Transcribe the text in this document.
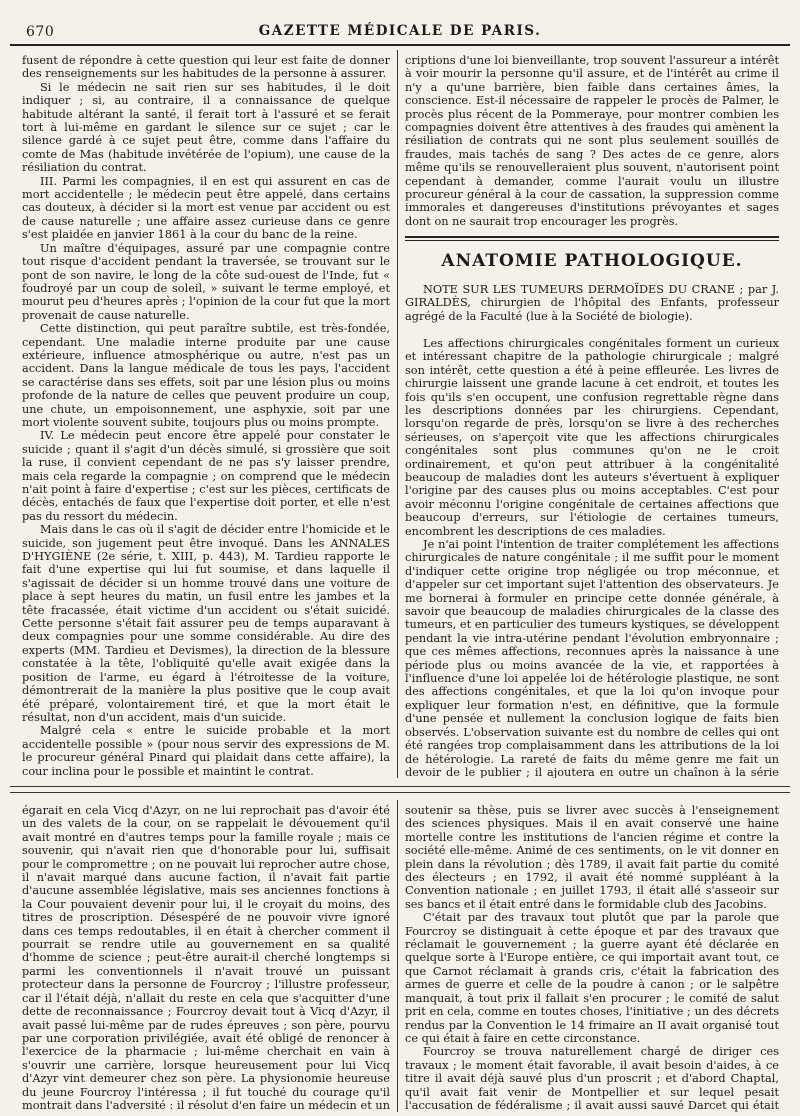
670	GAZETTE MÉDICALE DE PARIS.

fusent de répondre à cette question qui leur est faite de donner des renseignements sur les habitudes de la personne à assurer.

Si le médecin ne sait rien sur ses habitudes, il le doit indiquer ; si, au contraire, il a connaissance de quelque habitude altérant la santé, il ferait tort à l'assuré et se ferait tort à lui-même en gardant le silence sur ce sujet ; car le silence gardé à ce sujet peut être, comme dans l'affaire du comte de Mas (habitude invétérée de l'opium), une cause de la résiliation du contrat.

III. Parmi les compagnies, il en est qui assurent en cas de mort accidentelle ; le médecin peut être appelé, dans certains cas douteux, à décider si la mort est venue par accident ou est de cause naturelle ; une affaire assez curieuse dans ce genre s'est plaidée en janvier 1861 à la cour du banc de la reine.

Un maître d'équipages, assuré par une compagnie contre tout risque d'accident pendant la traversée, se trouvant sur le pont de son navire, le long de la côte sud-ouest de l'Inde, fut « foudroyé par un coup de soleil, » suivant le terme employé, et mourut peu d'heures après ; l'opinion de la cour fut que la mort provenait de cause naturelle.

Cette distinction, qui peut paraître subtile, est très-fondée, cependant. Une maladie interne produite par une cause extérieure, influence atmosphérique ou autre, n'est pas un accident. Dans la langue médicale de tous les pays, l'accident se caractérise dans ses effets, soit par une lésion plus ou moins profonde de la nature de celles que peuvent produire un coup, une chute, un empoisonnement, une asphyxie, soit par une mort violente souvent subite, toujours plus ou moins prompte.

IV. Le médecin peut encore être appelé pour constater le suicide ; quant il s'agit d'un décès simulé, si grossière que soit la ruse, il convient cependant de ne pas s'y laisser prendre, mais cela regarde la compagnie ; on comprend que le médecin n'ait point à faire d'expertise ; c'est sur les pièces, certificats de décès, entachés de faux que l'expertise doit porter, et elle n'est pas du ressort du médecin.

Mais dans le cas où il s'agit de décider entre l'homicide et le suicide, son jugement peut être invoqué. Dans les ANNALES D'HYGIÈNE (2e série, t. XIII, p. 443), M. Tardieu rapporte le fait d'une expertise qui lui fut soumise, et dans laquelle il s'agissait de décider si un homme trouvé dans une voiture de place à sept heures du matin, un fusil entre les jambes et la tête fracassée, était victime d'un accident ou s'était suicidé. Cette personne s'était fait assurer peu de temps auparavant à deux compagnies pour une somme considérable. Au dire des experts (MM. Tardieu et Devismes), la direction de la blessure constatée à la tête, l'obliquité qu'elle avait exigée dans la position de l'arme, eu égard à l'étroitesse de la voiture, démontrerait de la manière la plus positive que le coup avait été préparé, volontairement tiré, et que la mort était le résultat, non d'un accident, mais d'un suicide.

Malgré cela « entre le suicide probable et la mort accidentelle possible » (pour nous servir des expressions de M. le procureur général Pinard qui plaidait dans cette affaire), la cour inclina pour le possible et maintint le contrat.

criptions d'une loi bienveillante, trop souvent l'assureur a intérêt à voir mourir la personne qu'il assure, et de l'intérêt au crime il n'y a qu'une barrière, bien faible dans certaines âmes, la conscience. Est-il nécessaire de rappeler le procès de Palmer, le procès plus récent de la Pommeraye, pour montrer combien les compagnies doivent être attentives à des fraudes qui amènent la résiliation de contrats qui ne sont plus seulement souillés de fraudes, mais tachés de sang ? Des actes de ce genre, alors même qu'ils se renouvelleraient plus souvent, n'autorisent point cependant à demander, comme l'aurait voulu un illustre procureur général à la cour de cassation, la suppression comme immorales et dangereuses d'institutions prévoyantes et sages dont on ne saurait trop encourager les progrès.

ANATOMIE PATHOLOGIQUE.

NOTE SUR LES TUMEURS DERMOÏDES DU CRANE ; par J. GIRALDÈS, chirurgien de l'hôpital des Enfants, professeur agrégé de la Faculté (lue à la Société de biologie).

Les affections chirurgicales congénitales forment un curieux et intéressant chapitre de la pathologie chirurgicale ; malgré son intérêt, cette question a été à peine effleurée. Les livres de chirurgie laissent une grande lacune à cet endroit, et toutes les fois qu'ils s'en occupent, une confusion regrettable règne dans les descriptions données par les chirurgiens. Cependant, lorsqu'on regarde de près, lorsqu'on se livre à des recherches sérieuses, on s'aperçoit vite que les affections chirurgicales congénitales sont plus communes qu'on ne le croit ordinairement, et qu'on peut attribuer à la congénitalité beaucoup de maladies dont les auteurs s'évertuent à expliquer l'origine par des causes plus ou moins acceptables. C'est pour avoir méconnu l'origine congénitale de certaines affections que beaucoup d'erreurs, sur l'étiologie de certaines tumeurs, encombrent les descriptions de ces maladies.

Je n'ai point l'intention de traiter complétement les affections chirurgicales de nature congénitale ; il me suffit pour le moment d'indiquer cette origine trop négligée ou trop méconnue, et d'appeler sur cet important sujet l'attention des observateurs. Je me bornerai à formuler en principe cette donnée générale, à savoir que beaucoup de maladies chirurgicales de la classe des tumeurs, et en particulier des tumeurs kystiques, se développent pendant la vie intra-utérine pendant l'évolution embryonnaire ; que ces mêmes affections, reconnues après la naissance à une période plus ou moins avancée de la vie, et rapportées à l'influence d'une loi appelée loi de hétérologie plastique, ne sont des affections congénitales, et que la loi qu'on invoque pour expliquer leur formation n'est, en définitive, que la formule d'une pensée et nullement la conclusion logique de faits bien observés. L'observation suivante est du nombre de celles qui ont été rangées trop complaisamment dans les attributions de la loi de hétérologie. La rareté de faits du même genre me fait un devoir de le publier ; il ajoutera en outre un chaînon à la série

égarait en cela Vicq d'Azyr, on ne lui reprochait pas d'avoir été un des valets de la cour, on se rappelait le dévouement qu'il avait montré en d'autres temps pour la famille royale ; mais ce souvenir, qui n'avait rien que d'honorable pour lui, suffisait pour le compromettre ; on ne pouvait lui reprocher autre chose, il n'avait marqué dans aucune faction, il n'avait fait partie d'aucune assemblée législative, mais ses anciennes fonctions à la Cour pouvaient devenir pour lui, il le croyait du moins, des titres de proscription. Désespéré de ne pouvoir vivre ignoré dans ces temps redoutables, il en était à chercher comment il pourrait se rendre utile au gouvernement en sa qualité d'homme de science ; peut-être aurait-il cherché longtemps si parmi les conventionnels il n'avait trouvé un puissant protecteur dans la personne de Fourcroy ; l'illustre professeur, car il l'était déjà, n'allait du reste en cela que s'acquitter d'une dette de reconnaissance ; Fourcroy devait tout à Vicq d'Azyr, il avait passé lui-même par de rudes épreuves ; son père, pourvu par une corporation privilégiée, avait été obligé de renoncer à l'exercice de la pharmacie ; lui-même cherchait en vain à s'ouvrir une carrière, lorsque heureusement pour lui Vicq d'Azyr vint demeurer chez son père. La physionomie heureuse du jeune Fourcroy l'intéressa ; il fut touché du courage qu'il montrait dans l'adversité : il résolut d'en faire un médecin et un

soutenir sa thèse, puis se livrer avec succès à l'enseignement des sciences physiques. Mais il en avait conservé une haine mortelle contre les institutions de l'ancien régime et contre la société elle-même. Animé de ces sentiments, on le vit donner en plein dans la révolution ; dès 1789, il avait fait partie du comité des électeurs ; en 1792, il avait été nommé suppléant à la Convention nationale ; en juillet 1793, il était allé s'asseoir sur ses bancs et il était entré dans le formidable club des Jacobins.

C'était par des travaux tout plutôt que par la parole que Fourcroy se distinguait à cette époque et par des travaux que réclamait le gouvernement ; la guerre ayant été déclarée en quelque sorte à l'Europe entière, ce qui importait avant tout, ce que Carnot réclamait à grands cris, c'était la fabrication des armes de guerre et celle de la poudre à canon ; or le salpêtre manquait, à tout prix il fallait s'en procurer ; le comité de salut prit en cela, comme en toutes choses, l'initiative ; un des décrets rendus par la Convention le 14 frimaire an II avait organisé tout ce qui était à faire en cette circonstance.

Fourcroy se trouva naturellement chargé de diriger ces travaux ; le moment était favorable, il avait besoin d'aides, à ce titre il avait déjà sauvé plus d'un proscrit ; et d'abord Chaptal, qu'il avait fait venir de Montpellier et sur lequel pesait l'accusation de fédéralisme ; il avait aussi sauvé Darcet qui était
